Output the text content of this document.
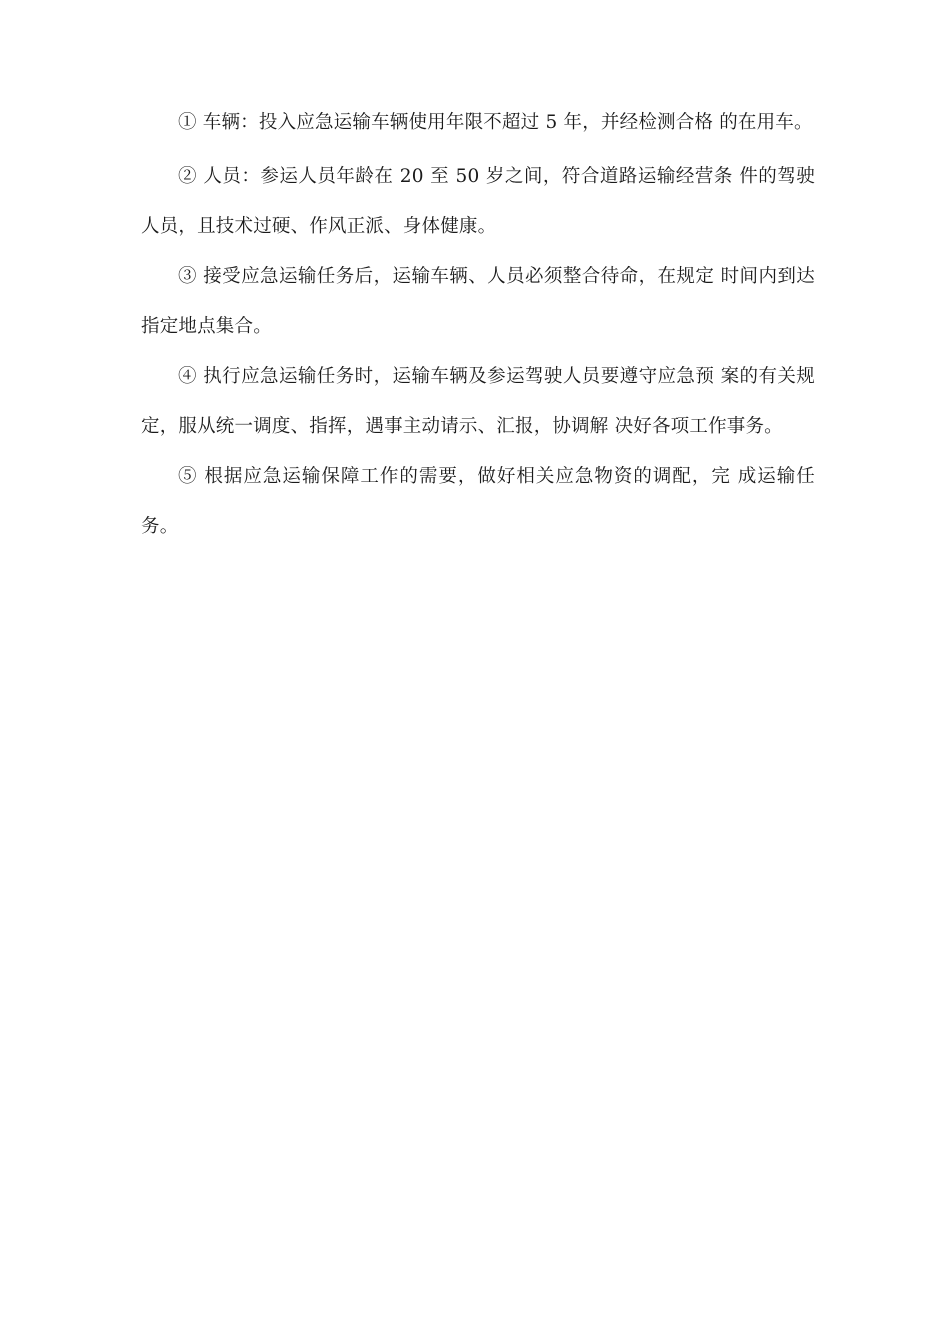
① 车辆：投入应急运输车辆使用年限不超过 5 年，并经检测合格 的在用车。

② 人员：参运人员年龄在 20 至 50 岁之间，符合道路运输经营条 件的驾驶人员，且技术过硬、作风正派、身体健康。

③ 接受应急运输任务后，运输车辆、人员必须整合待命，在规定 时间内到达指定地点集合。

④ 执行应急运输任务时，运输车辆及参运驾驶人员要遵守应急预 案的有关规定，服从统一调度、指挥，遇事主动请示、汇报，协调解 决好各项工作事务。

⑤ 根据应急运输保障工作的需要，做好相关应急物资的调配，完 成运输任务。
